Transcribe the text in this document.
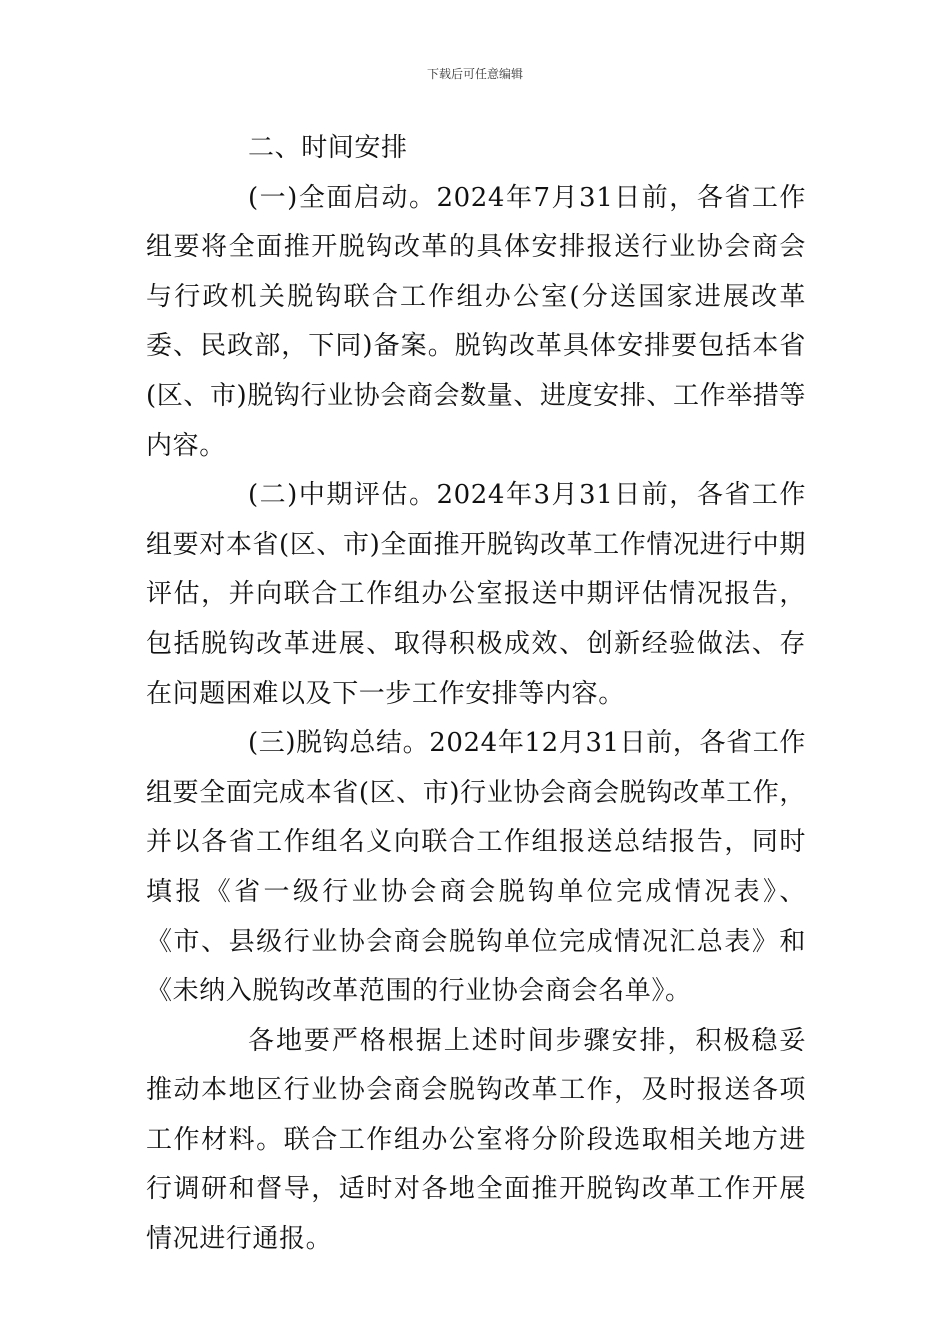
下载后可任意编辑

二、时间安排

(一)全面启动。2024年7月31日前，各省工作组要将全面推开脱钩改革的具体安排报送行业协会商会与行政机关脱钩联合工作组办公室(分送国家进展改革委、民政部，下同)备案。脱钩改革具体安排要包括本省(区、市)脱钩行业协会商会数量、进度安排、工作举措等内容。

(二)中期评估。2024年3月31日前，各省工作组要对本省(区、市)全面推开脱钩改革工作情况进行中期评估，并向联合工作组办公室报送中期评估情况报告，包括脱钩改革进展、取得积极成效、创新经验做法、存在问题困难以及下一步工作安排等内容。

(三)脱钩总结。2024年12月31日前，各省工作组要全面完成本省(区、市)行业协会商会脱钩改革工作，并以各省工作组名义向联合工作组报送总结报告，同时填报《省一级行业协会商会脱钩单位完成情况表》、《市、县级行业协会商会脱钩单位完成情况汇总表》和《未纳入脱钩改革范围的行业协会商会名单》。

各地要严格根据上述时间步骤安排，积极稳妥推动本地区行业协会商会脱钩改革工作，及时报送各项工作材料。联合工作组办公室将分阶段选取相关地方进行调研和督导，适时对各地全面推开脱钩改革工作开展情况进行通报。
